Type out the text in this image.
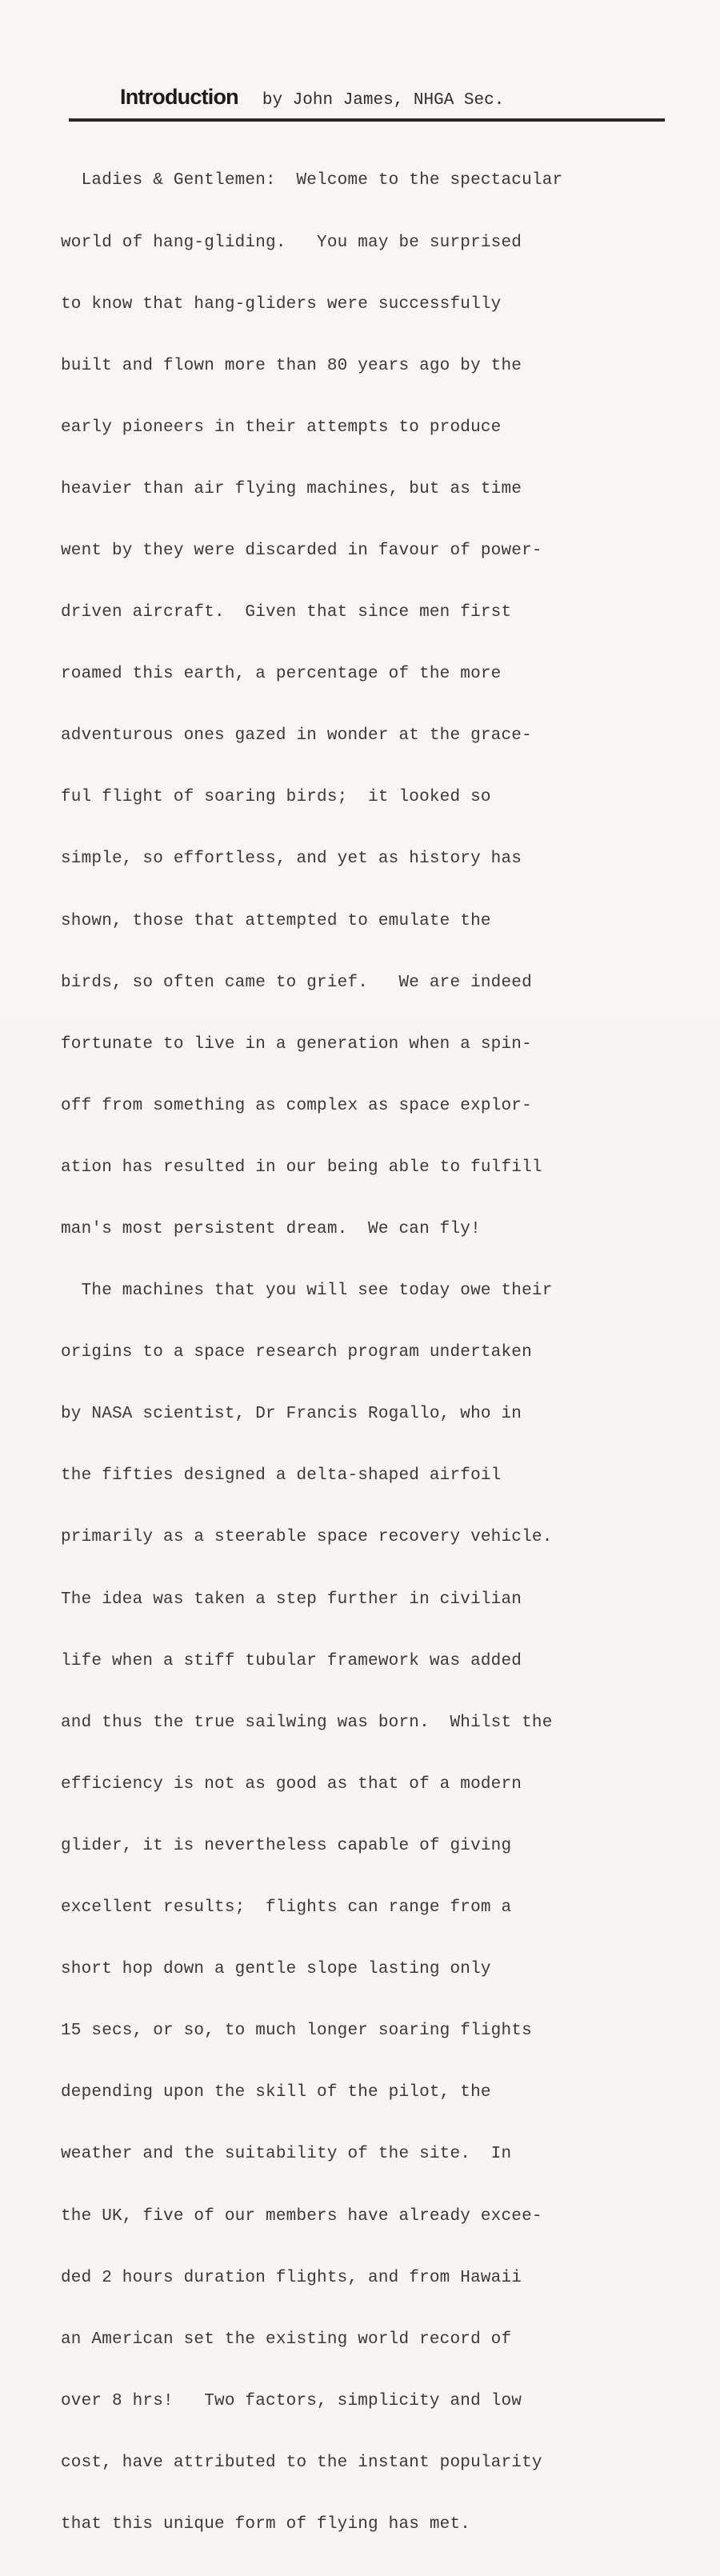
Introduction by John James, NHGA Sec.

Ladies & Gentlemen:  Welcome to the spectacular

world of hang-gliding.   You may be surprised

to know that hang-gliders were successfully

built and flown more than 80 years ago by the

early pioneers in their attempts to produce

heavier than air flying machines, but as time

went by they were discarded in favour of power-

driven aircraft.  Given that since men first

roamed this earth, a percentage of the more

adventurous ones gazed in wonder at the grace-

ful flight of soaring birds;  it looked so

simple, so effortless, and yet as history has

shown, those that attempted to emulate the

birds, so often came to grief.   We are indeed

fortunate to live in a generation when a spin-

off from something as complex as space explor-

ation has resulted in our being able to fulfill

man's most persistent dream.  We can fly!

The machines that you will see today owe their

origins to a space research program undertaken

by NASA scientist, Dr Francis Rogallo, who in

the fifties designed a delta-shaped airfoil

primarily as a steerable space recovery vehicle.

The idea was taken a step further in civilian

life when a stiff tubular framework was added

and thus the true sailwing was born.  Whilst the

efficiency is not as good as that of a modern

glider, it is nevertheless capable of giving

excellent results;  flights can range from a

short hop down a gentle slope lasting only

15 secs, or so, to much longer soaring flights

depending upon the skill of the pilot, the

weather and the suitability of the site.  In

the UK, five of our members have already excee-

ded 2 hours duration flights, and from Hawaii

an American set the existing world record of

over 8 hrs!   Two factors, simplicity and low

cost, have attributed to the instant popularity

that this unique form of flying has met.
